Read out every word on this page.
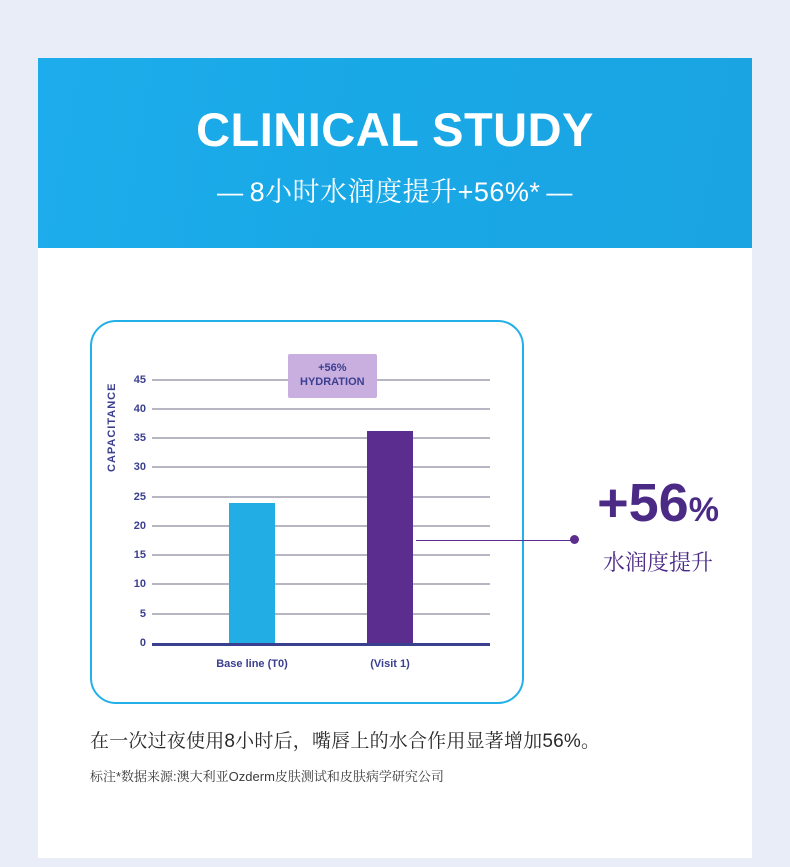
CLINICAL STUDY
— 8小时水润度提升+56%* —
CAPACITANCE
0
5
10
15
20
25
30
35
40
45
Base line (T0)	(Visit 1)
+56%
HYDRATION
+56%
水润度提升
在一次过夜使用8小时后，嘴唇上的水合作用显著增加56%。
标注*数据来源:澳大利亚Ozderm皮肤测试和皮肤病学研究公司
